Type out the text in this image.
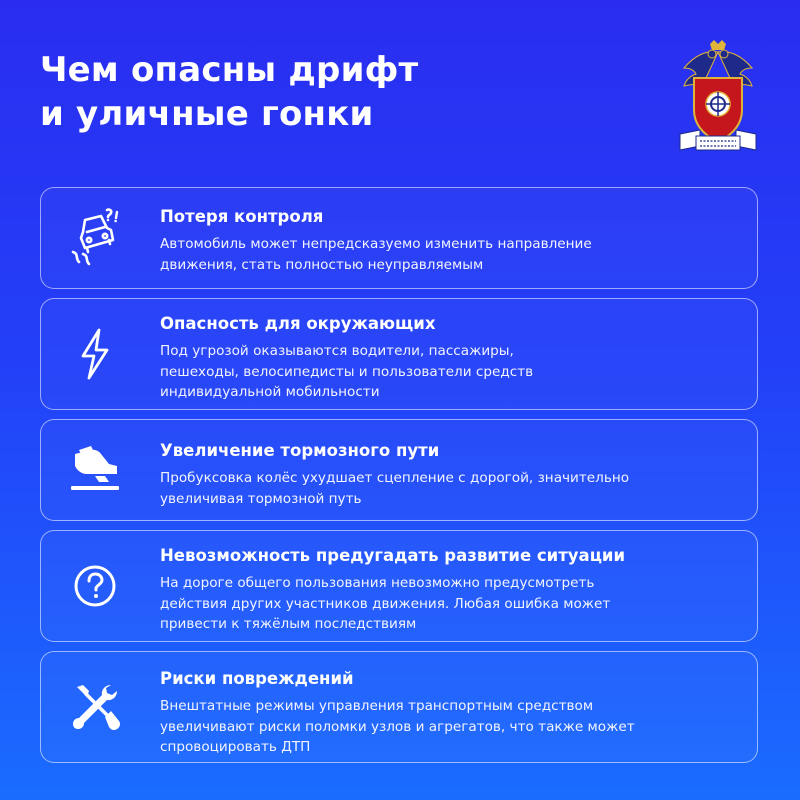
Чем опасны дрифт
и уличные гонки
Потеря контроля
Автомобиль может непредсказуемо изменить направление
движения, стать полностью неуправляемым
Опасность для окружающих
Под угрозой оказываются водители, пассажиры,
пешеходы, велосипедисты и пользователи средств
индивидуальной мобильности
Увеличение тормозного пути
Пробуксовка колёс ухудшает сцепление с дорогой, значительно
увеличивая тормозной путь
Невозможность предугадать развитие ситуации
На дороге общего пользования невозможно предусмотреть
действия других участников движения. Любая ошибка может
привести к тяжёлым последствиям
Риски повреждений
Внештатные режимы управления транспортным средством
увеличивают риски поломки узлов и агрегатов, что также может
спровоцировать ДТП
